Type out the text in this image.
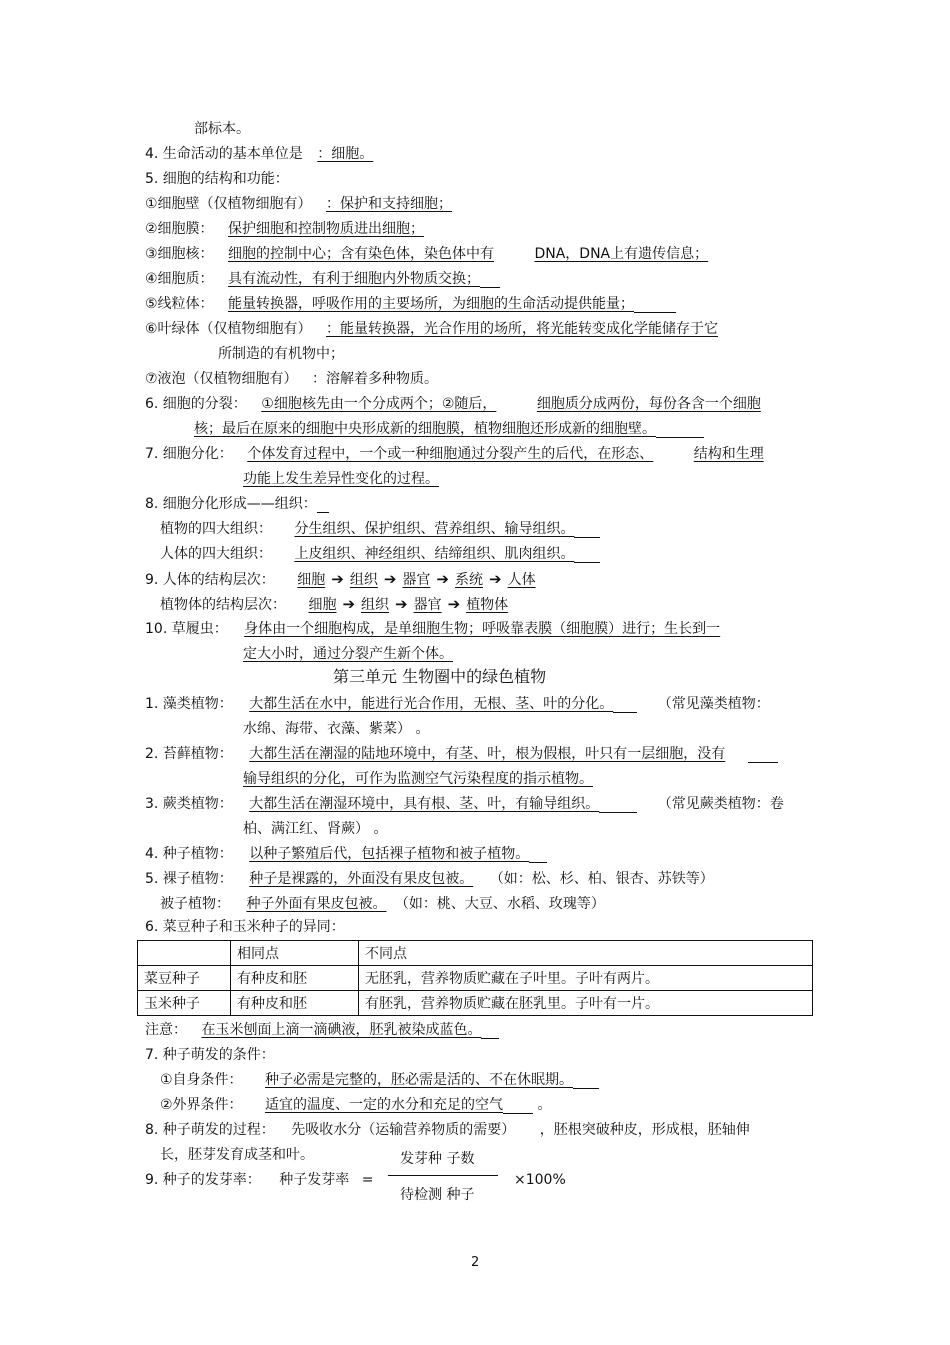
部标本。
4. 生命活动的基本单位是 ：细胞。
5. 细胞的结构和功能：
①细胞壁（仅植物细胞有） ：保护和支持细胞；
②细胞膜： 保护细胞和控制物质进出细胞；
③细胞核： 细胞的控制中心；含有染色体，染色体中有	DNA，DNA上有遗传信息；
④细胞质： 具有流动性，有利于细胞内外物质交换；
⑤线粒体： 能量转换器，呼吸作用的主要场所，为细胞的生命活动提供能量；
⑥叶绿体（仅植物细胞有） ：能量转换器，光合作用的场所，将光能转变成化学能储存于它
所制造的有机物中；
⑦液泡（仅植物细胞有） ：溶解着多种物质。
6. 细胞的分裂： ①细胞核先由一个分成两个；②随后，	细胞质分成两份，每份各含一个细胞
核；最后在原来的细胞中央形成新的细胞膜，植物细胞还形成新的细胞壁。
7. 细胞分化： 个体发育过程中，一个或一种细胞通过分裂产生的后代，在形态、	结构和生理
功能上发生差异性变化的过程。
8. 细胞分化形成——组织：
植物的四大组织： 分生组织、保护组织、营养组织、输导组织。
人体的四大组织： 上皮组织、神经组织、结缔组织、肌肉组织。
9. 人体的结构层次： 细胞 ➔ 组织 ➔ 器官 ➔ 系统 ➔ 人体
植物体的结构层次： 细胞 ➔ 组织 ➔ 器官 ➔ 植物体
10. 草履虫： 身体由一个细胞构成，是单细胞生物；呼吸靠表膜（细胞膜）进行；生长到一
定大小时，通过分裂产生新个体。
第三单元 生物圈中的绿色植物
1. 藻类植物： 大都生活在水中，能进行光合作用，无根、茎、叶的分化。	（常见藻类植物：
水绵、海带、衣藻、紫菜） 。
2. 苔藓植物： 大都生活在潮湿的陆地环境中，有茎、叶，根为假根，叶只有一层细胞，没有
输导组织的分化，可作为监测空气污染程度的指示植物。
3. 蕨类植物： 大都生活在潮湿环境中，具有根、茎、叶，有输导组织。	（常见蕨类植物：卷
柏、满江红、肾蕨） 。
4. 种子植物： 以种子繁殖后代，包括裸子植物和被子植物。
5. 裸子植物： 种子是裸露的，外面没有果皮包被。 （如：松、杉、柏、银杏、苏铁等）
被子植物： 种子外面有果皮包被。 （如：桃、大豆、水稻、玫瑰等）
6. 菜豆种子和玉米种子的异同：
	相同点	不同点
菜豆种子	有种皮和胚	无胚乳，营养物质贮藏在子叶里。子叶有两片。
玉米种子	有种皮和胚	有胚乳，营养物质贮藏在胚乳里。子叶有一片。
注意： 在玉米刨面上滴一滴碘液，胚乳被染成蓝色。
7. 种子萌发的条件：
①自身条件： 种子必需是完整的，胚必需是活的、不在休眠期。
②外界条件： 适宜的温度、一定的水分和充足的空气 。
8. 种子萌发的过程： 先吸收水分（运输营养物质的需要） ，胚根突破种皮，形成根，胚轴伸
长，胚芽发育成茎和叶。
9. 种子的发芽率： 种子发芽率 =
发芽种 子数
待检测 种子
×100%
2
